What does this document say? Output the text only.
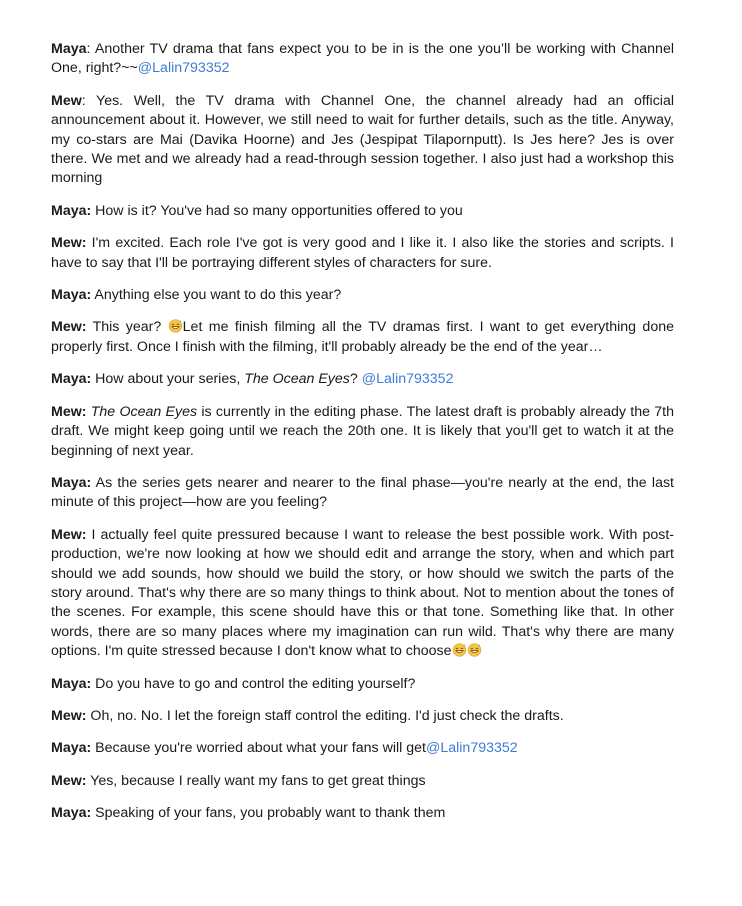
Maya: Another TV drama that fans expect you to be in is the one you’ll be working with Channel One, right?~~@Lalin793352

Mew: Yes. Well, the TV drama with Channel One, the channel already had an official announcement about it. However, we still need to wait for further details, such as the title. Anyway, my co-stars are Mai (Davika Hoorne) and Jes (Jespipat Tilapornputt). Is Jes here? Jes is over there. We met and we already had a read-through session together. I also just had a workshop this morning

Maya: How is it? You've had so many opportunities offered to you

Mew: I'm excited. Each role I've got is very good and I like it. I also like the stories and scripts. I have to say that I'll be portraying different styles of characters for sure.

Maya: Anything else you want to do this year?

Mew: This year? Let me finish filming all the TV dramas first. I want to get everything done properly first. Once I finish with the filming, it'll probably already be the end of the year…

Maya: How about your series, The Ocean Eyes? @Lalin793352

Mew: The Ocean Eyes is currently in the editing phase. The latest draft is probably already the 7th draft. We might keep going until we reach the 20th one. It is likely that you'll get to watch it at the beginning of next year.

Maya: As the series gets nearer and nearer to the final phase—you're nearly at the end, the last minute of this project—how are you feeling?

Mew: I actually feel quite pressured because I want to release the best possible work. With post-production, we're now looking at how we should edit and arrange the story, when and which part should we add sounds, how should we build the story, or how should we switch the parts of the story around. That's why there are so many things to think about. Not to mention about the tones of the scenes. For example, this scene should have this or that tone. Something like that. In other words, there are so many places where my imagination can run wild. That's why there are many options. I'm quite stressed because I don't know what to choose

Maya: Do you have to go and control the editing yourself?

Mew: Oh, no. No. I let the foreign staff control the editing. I'd just check the drafts.

Maya: Because you're worried about what your fans will get@Lalin793352

Mew: Yes, because I really want my fans to get great things

Maya: Speaking of your fans, you probably want to thank them
